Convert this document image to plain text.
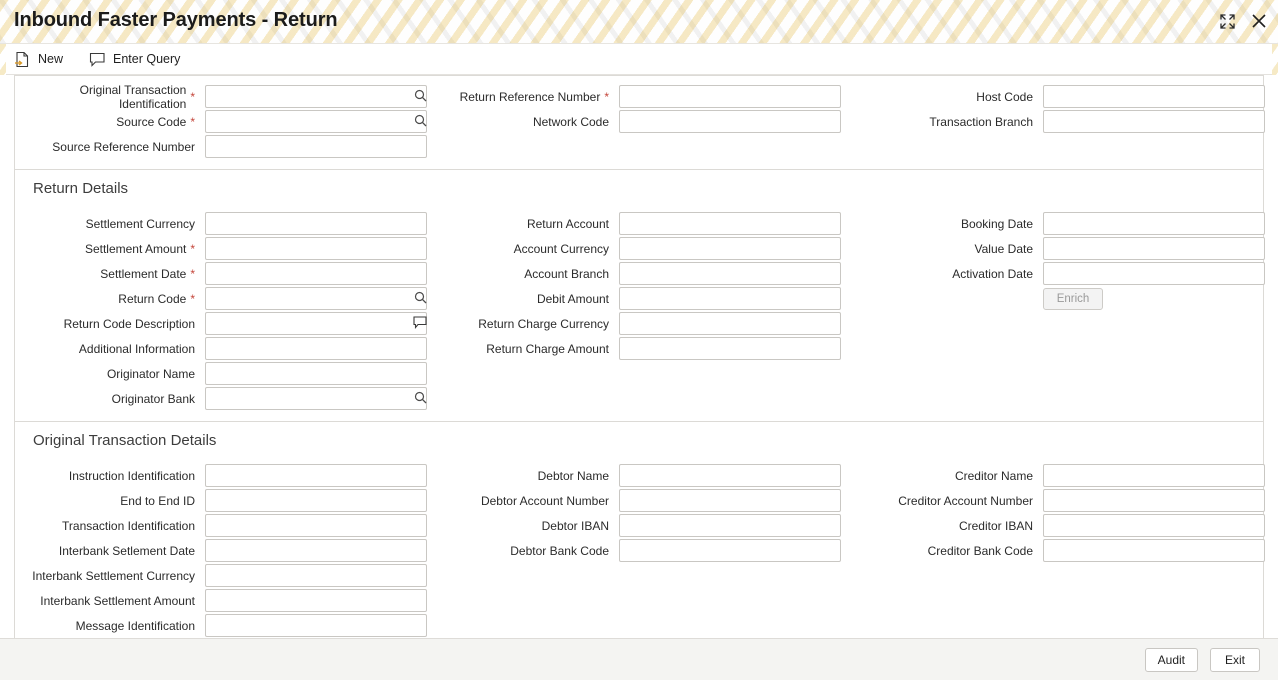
Inbound Faster Payments - Return
New	Enter Query
Original Transaction Identification *	Return Reference Number *	Host Code
Source Code *	Network Code	Transaction Branch
Source Reference Number
Return Details
Settlement Currency	Return Account	Booking Date
Settlement Amount *	Account Currency	Value Date
Settlement Date *	Account Branch	Activation Date
Return Code *	Debit Amount	Enrich
Return Code Description	Return Charge Currency
Additional Information	Return Charge Amount
Originator Name
Originator Bank
Original Transaction Details
Instruction Identification	Debtor Name	Creditor Name
End to End ID	Debtor Account Number	Creditor Account Number
Transaction Identification	Debtor IBAN	Creditor IBAN
Interbank Setlement Date	Debtor Bank Code	Creditor Bank Code
Interbank Settlement Currency
Interbank Settlement Amount
Message Identification
Audit	Exit
